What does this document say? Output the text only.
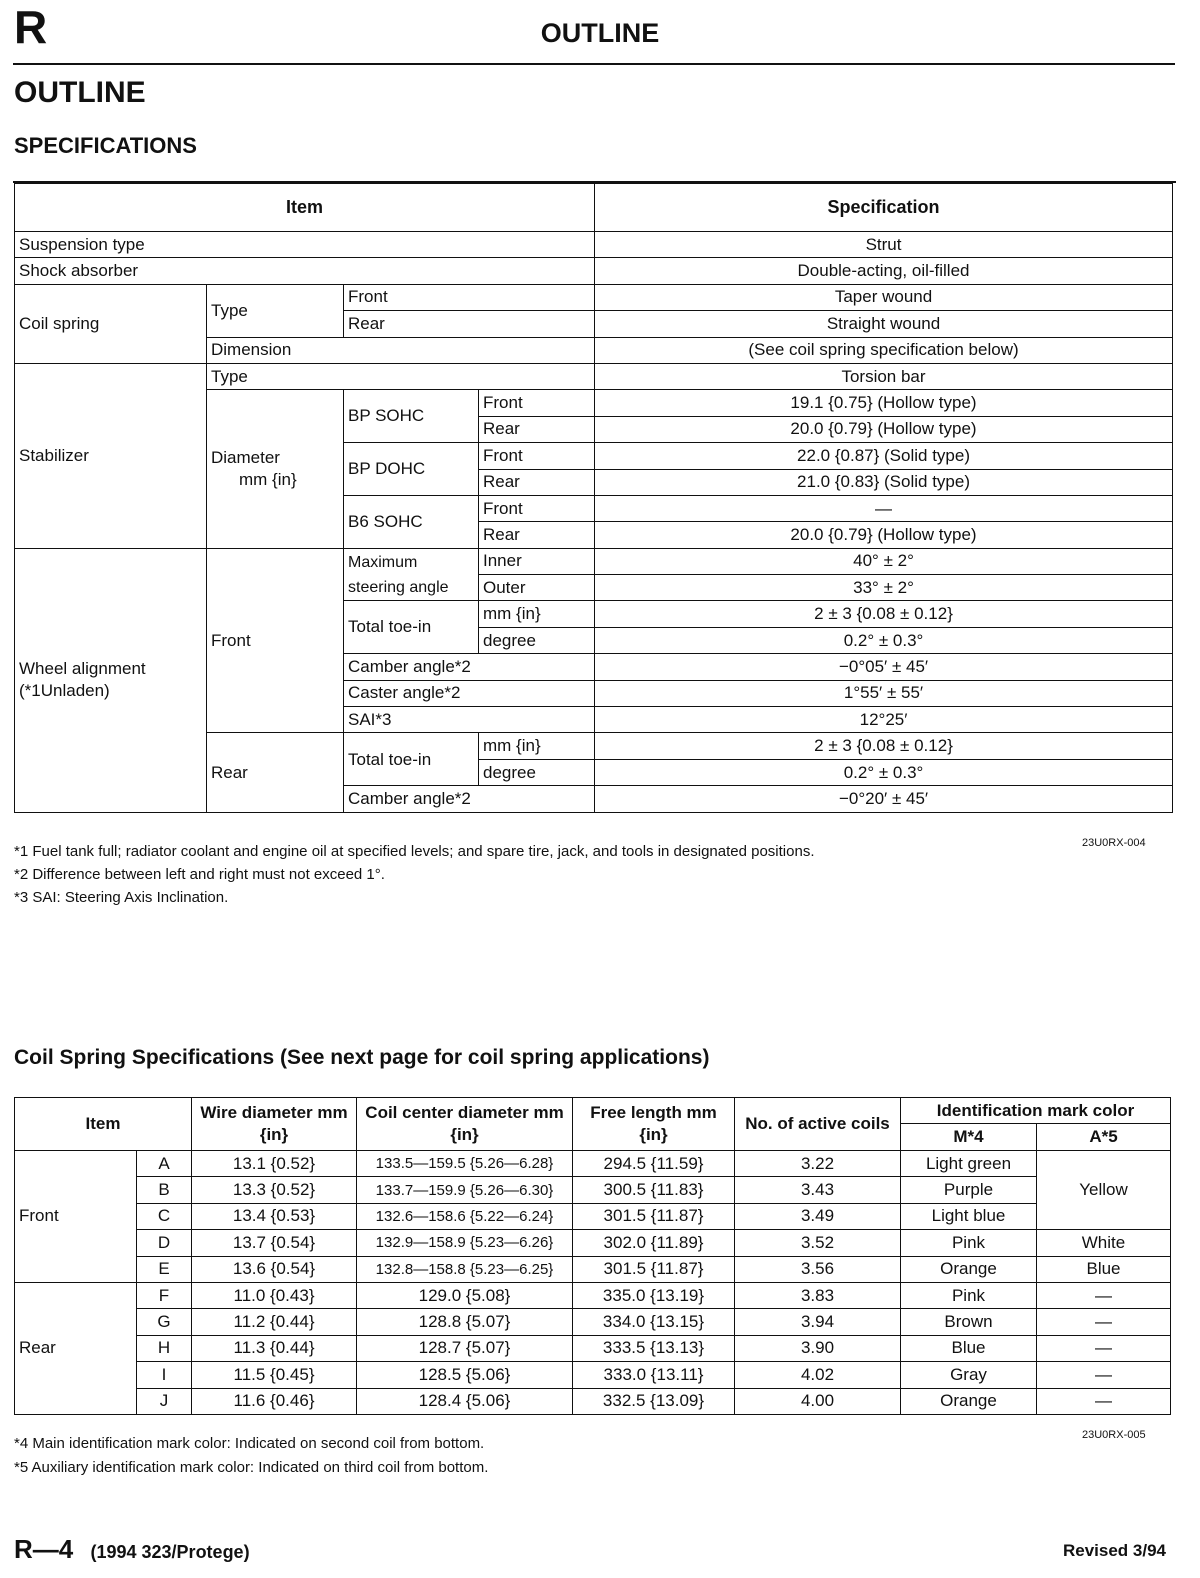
R	OUTLINE
OUTLINE
SPECIFICATIONS
Item				Specification
Suspension type				Strut
Shock absorber				Double-acting, oil-filled
Coil spring	Type	Front		Taper wound
		Rear		Straight wound
	Dimension			(See coil spring specification below)
Stabilizer	Type			Torsion bar
	Diameter
mm {in}	BP SOHC	Front	19.1 {0.75} (Hollow type)
			Rear	20.0 {0.79} (Hollow type)
		BP DOHC	Front	22.0 {0.87} (Solid type)
			Rear	21.0 {0.83} (Solid type)
		B6 SOHC	Front	—
			Rear	20.0 {0.79} (Hollow type)
Wheel alignment
(*1Unladen)	Front	Maximum steering angle	Inner	40° ± 2°
			Outer	33° ± 2°
		Total toe-in	mm {in}	2 ± 3 {0.08 ± 0.12}
			degree	0.2° ± 0.3°
		Camber angle*2		−0°05′ ± 45′
		Caster angle*2		1°55′ ± 55′
		SAI*3		12°25′
	Rear	Total toe-in	mm {in}	2 ± 3 {0.08 ± 0.12}
			degree	0.2° ± 0.3°
		Camber angle*2		−0°20′ ± 45′
23U0RX-004
*1 Fuel tank full; radiator coolant and engine oil at specified levels; and spare tire, jack, and tools in designated positions.
*2 Difference between left and right must not exceed 1°.
*3 SAI: Steering Axis Inclination.
Coil Spring Specifications (See next page for coil spring applications)
Item		Wire diameter mm {in}	Coil center diameter mm {in}	Free length mm {in}	No. of active coils	Identification mark color	
						M*4	A*5
Front	A	13.1 {0.52}	133.5—159.5 {5.26—6.28}	294.5 {11.59}	3.22	Light green	Yellow
	B	13.3 {0.52}	133.7—159.9 {5.26—6.30}	300.5 {11.83}	3.43	Purple	
	C	13.4 {0.53}	132.6—158.6 {5.22—6.24}	301.5 {11.87}	3.49	Light blue	
	D	13.7 {0.54}	132.9—158.9 {5.23—6.26}	302.0 {11.89}	3.52	Pink	White
	E	13.6 {0.54}	132.8—158.8 {5.23—6.25}	301.5 {11.87}	3.56	Orange	Blue
Rear	F	11.0 {0.43}	129.0 {5.08}	335.0 {13.19}	3.83	Pink	—
	G	11.2 {0.44}	128.8 {5.07}	334.0 {13.15}	3.94	Brown	—
	H	11.3 {0.44}	128.7 {5.07}	333.5 {13.13}	3.90	Blue	—
	I	11.5 {0.45}	128.5 {5.06}	333.0 {13.11}	4.02	Gray	—
	J	11.6 {0.46}	128.4 {5.06}	332.5 {13.09}	4.00	Orange	—
23U0RX-005
*4 Main identification mark color: Indicated on second coil from bottom.
*5 Auxiliary identification mark color: Indicated on third coil from bottom.
R—4 (1994 323/Protege)	Revised 3/94
